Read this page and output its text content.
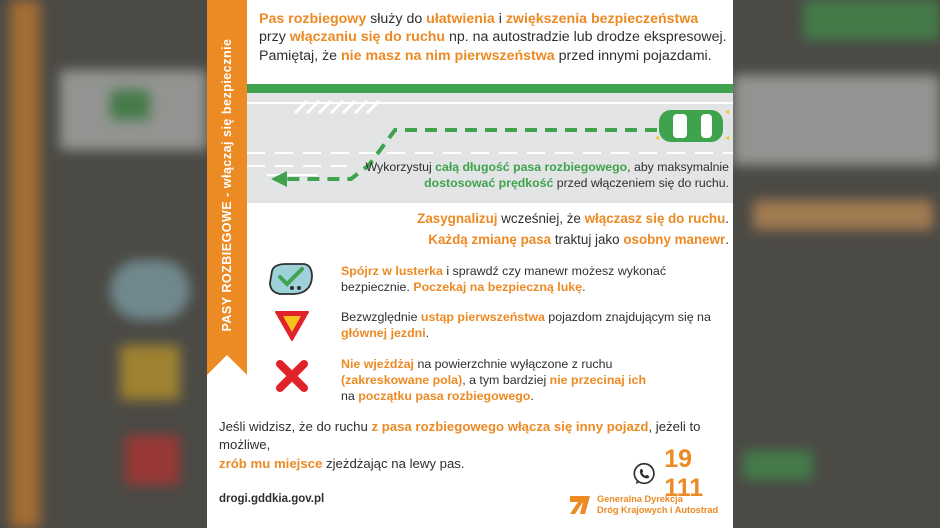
PASY ROZBIEGOWE - włączaj się bezpiecznie

Pas rozbiegowy służy do ułatwienia i zwiększenia bezpieczeństwa
przy włączaniu się do ruchu np. na autostradzie lub drodze ekspresowej. Pamiętaj, że nie masz na nim pierwszeństwa przed innymi pojazdami.

Wykorzystuj całą długość pasa rozbiegowego, aby maksymalnie
dostosować prędkość przed włączeniem się do ruchu.

Zasygnalizuj wcześniej, że włączasz się do ruchu.
Każdą zmianę pasa traktuj jako osobny manewr.

Spójrz w lusterka i sprawdź czy manewr możesz wykonać bezpiecznie. Poczekaj na bezpieczną lukę.

Bezwzględnie ustąp pierwszeństwa pojazdom znajdującym się na głównej jezdni.

Nie wjeżdżaj na powierzchnie wyłączone z ruchu
(zakreskowane pola), a tym bardziej nie przecinaj ich
na początku pasa rozbiegowego.

Jeśli widzisz, że do ruchu z pasa rozbiegowego włącza się inny pojazd, jeżeli to możliwe,
zrób mu miejsce zjeżdżając na lewy pas.	19 111
drogi.gddkia.gov.pl	Generalna Dyrekcja
Dróg Krajowych i Autostrad
